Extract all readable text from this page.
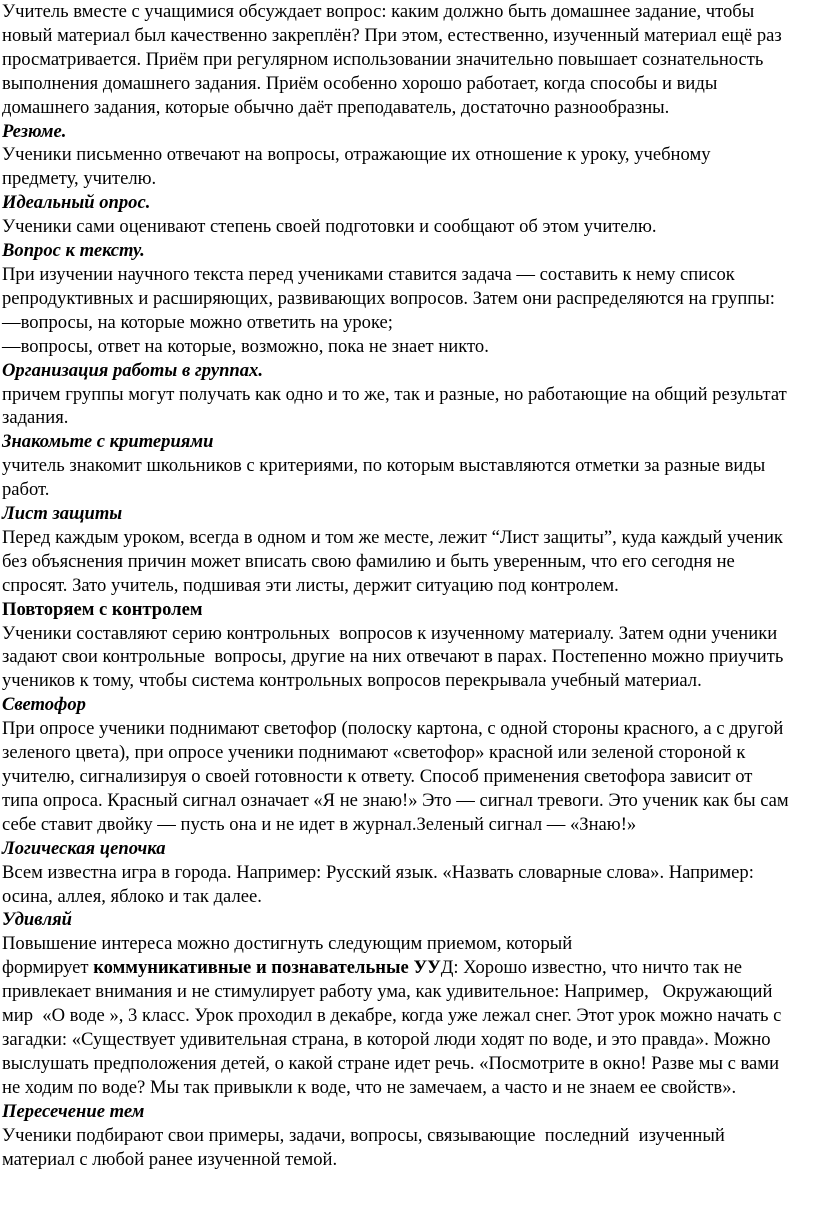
Учитель вместе с учащимися обсуждает вопрос: каким должно быть домашнее задание, чтобы
новый материал был качественно закреплён? При этом, естественно, изученный материал ещё раз
просматривается. Приём при регулярном использовании значительно повышает сознательность
выполнения домашнего задания. Приём особенно хорошо работает, когда способы и виды
домашнего задания, которые обычно даёт преподаватель, достаточно разнообразны.
Резюме.
Ученики письменно отвечают на вопросы, отражающие их отношение к уроку, учебному
предмету, учителю.
Идеальный опрос.
Ученики сами оценивают степень своей подготовки и сообщают об этом учителю.
Вопрос к тексту.
При изучении научного текста перед учениками ставится задача — составить к нему список
репродуктивных и расширяющих, развивающих вопросов. Затем они распределяются на группы:
—вопросы, на которые можно ответить на уроке;
—вопросы, ответ на которые, возможно, пока не знает никто.
Организация работы в группах.
причем группы могут получать как одно и то же, так и разные, но работающие на общий результат
задания.
Знакомьте с критериями
учитель знакомит школьников с критериями, по которым выставляются отметки за разные виды
работ.
Лист защиты
Перед каждым уроком, всегда в одном и том же месте, лежит “Лист защиты”, куда каждый ученик
без объяснения причин может вписать свою фамилию и быть уверенным, что его сегодня не
спросят. Зато учитель, подшивая эти листы, держит ситуацию под контролем.
Повторяем с контролем
Ученики составляют серию контрольных  вопросов к изученному материалу. Затем одни ученики
задают свои контрольные  вопросы, другие на них отвечают в парах. Постепенно можно приучить
учеников к тому, чтобы система контрольных вопросов перекрывала учебный материал.
Светофор
При опросе ученики поднимают светофор (полоску картона, с одной стороны красного, а с другой
зеленого цвета), при опросе ученики поднимают «светофор» красной или зеленой стороной к
учителю, сигнализируя о своей готовности к ответу. Способ применения светофора зависит от
типа опроса. Красный сигнал означает «Я не знаю!» Это — сигнал тревоги. Это ученик как бы сам
себе ставит двойку — пусть она и не идет в журнал.Зеленый сигнал — «Знаю!»
Логическая цепочка
Всем известна игра в города. Например: Русский язык. «Назвать словарные слова». Например:
осина, аллея, яблоко и так далее.
Удивляй
Повышение интереса можно достигнуть следующим приемом, который
формирует коммуникативные и познавательные УУД: Хорошо известно, что ничто так не
привлекает внимания и не стимулирует работу ума, как удивительное: Например,   Окружающий
мир  «О воде », 3 класс. Урок проходил в декабре, когда уже лежал снег. Этот урок можно начать с
загадки: «Существует удивительная страна, в которой люди ходят по воде, и это правда». Можно
выслушать предположения детей, о какой стране идет речь. «Посмотрите в окно! Разве мы с вами
не ходим по воде? Мы так привыкли к воде, что не замечаем, а часто и не знаем ее свойств».
Пересечение тем
Ученики подбирают свои примеры, задачи, вопросы, связывающие  последний  изученный
материал с любой ранее изученной темой.
